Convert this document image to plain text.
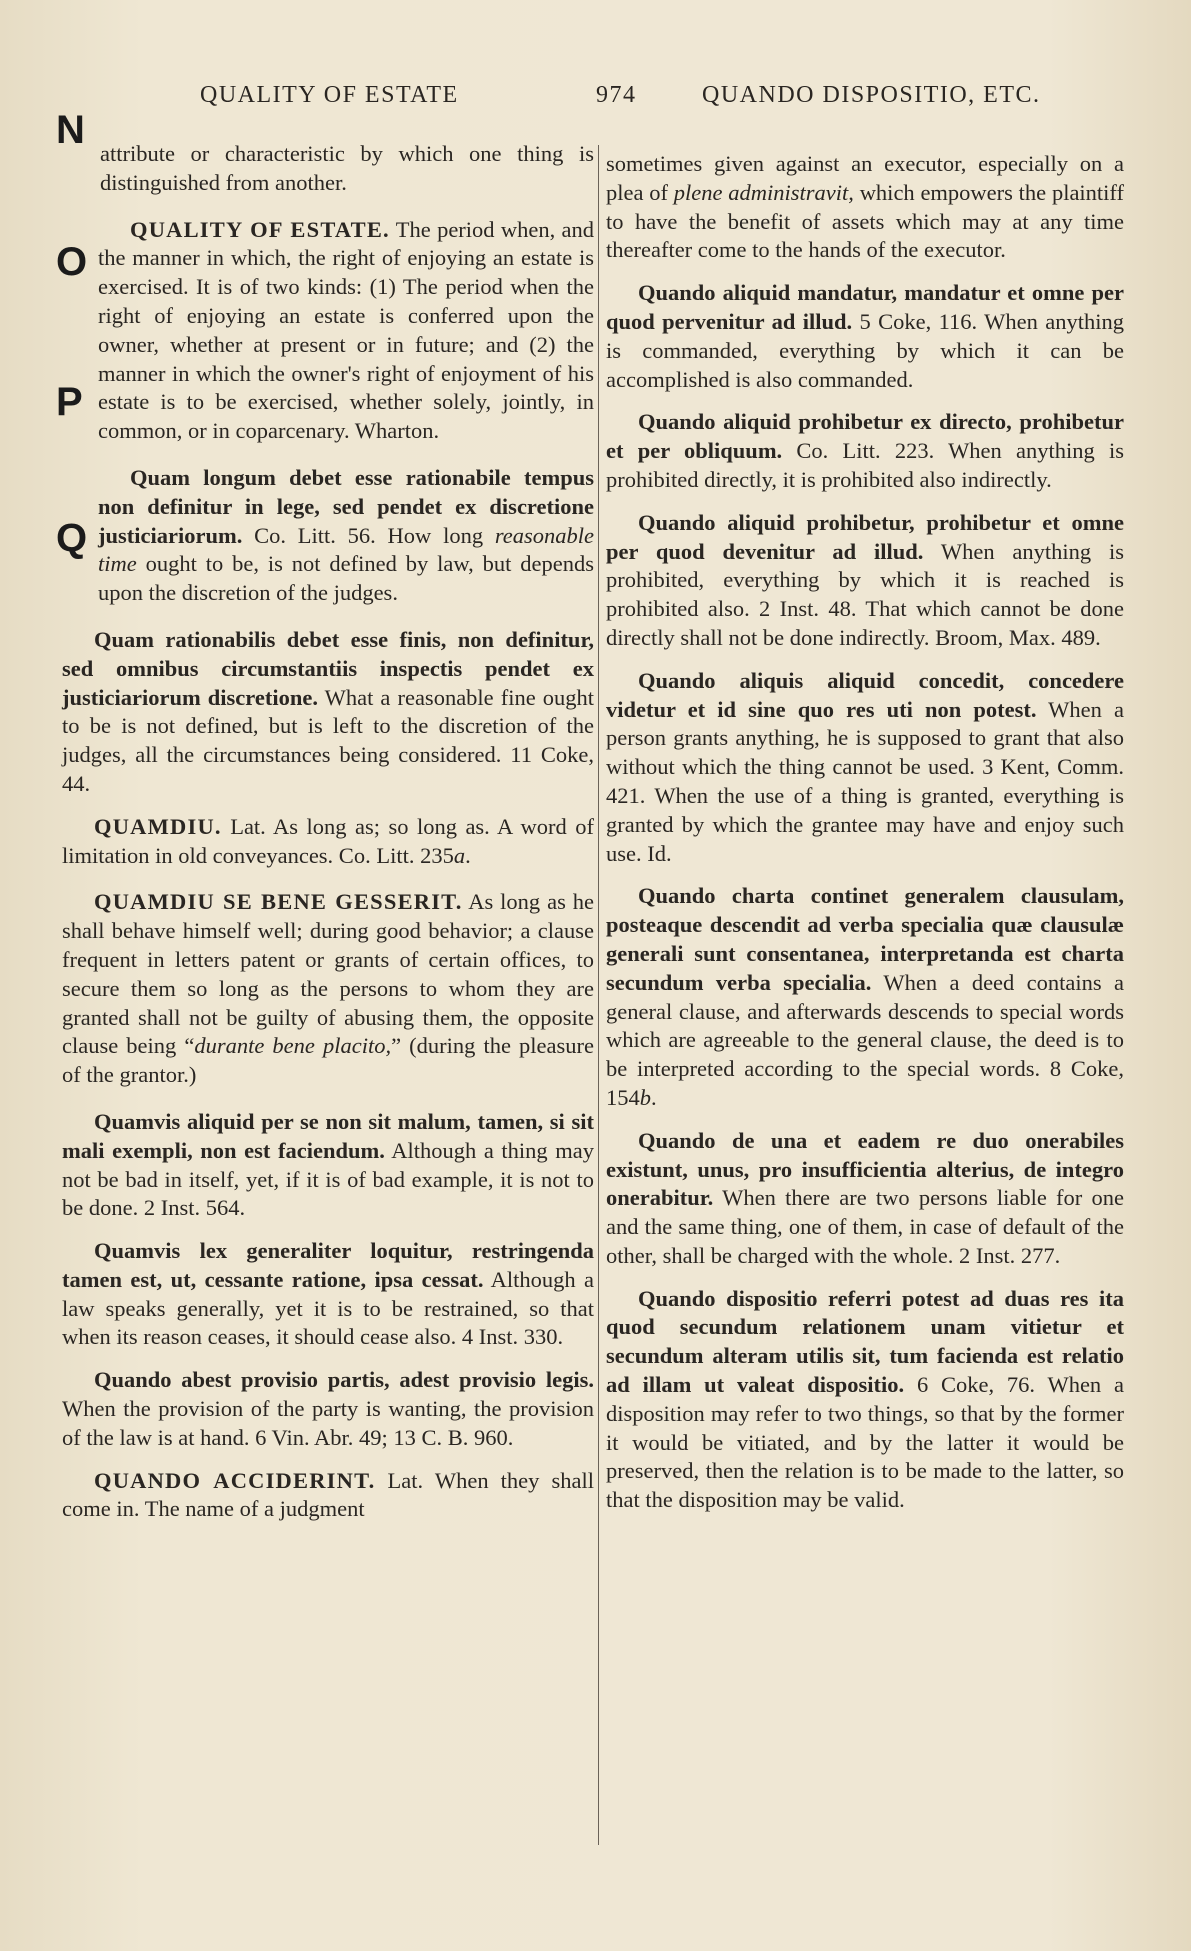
QUALITY OF ESTATE	974	QUANDO DISPOSITIO, ETC.
N
O
P
Q

attribute or characteristic by which one thing is distinguished from another.

QUALITY OF ESTATE. The period when, and the manner in which, the right of enjoying an estate is exercised. It is of two kinds: (1) The period when the right of enjoying an estate is conferred upon the owner, whether at present or in future; and (2) the manner in which the owner's right of enjoyment of his estate is to be exercised, whether solely, jointly, in common, or in coparcenary. Wharton.

Quam longum debet esse rationabile tempus non definitur in lege, sed pendet ex discretione justiciariorum. Co. Litt. 56. How long reasonable time ought to be, is not defined by law, but depends upon the discretion of the judges.

Quam rationabilis debet esse finis, non definitur, sed omnibus circumstantiis inspectis pendet ex justiciariorum discretione. What a reasonable fine ought to be is not defined, but is left to the discretion of the judges, all the circumstances being considered. 11 Coke, 44.

QUAMDIU. Lat. As long as; so long as. A word of limitation in old conveyances. Co. Litt. 235a.

QUAMDIU SE BENE GESSERIT. As long as he shall behave himself well; during good behavior; a clause frequent in letters patent or grants of certain offices, to secure them so long as the persons to whom they are granted shall not be guilty of abusing them, the opposite clause being “durante bene placito,” (during the pleasure of the grantor.)

Quamvis aliquid per se non sit malum, tamen, si sit mali exempli, non est faciendum. Although a thing may not be bad in itself, yet, if it is of bad example, it is not to be done. 2 Inst. 564.

Quamvis lex generaliter loquitur, restringenda tamen est, ut, cessante ratione, ipsa cessat. Although a law speaks generally, yet it is to be restrained, so that when its reason ceases, it should cease also. 4 Inst. 330.

Quando abest provisio partis, adest provisio legis. When the provision of the party is wanting, the provision of the law is at hand. 6 Vin. Abr. 49; 13 C. B. 960.

QUANDO ACCIDERINT. Lat. When they shall come in. The name of a judgment

sometimes given against an executor, especially on a plea of plene administravit, which empowers the plaintiff to have the benefit of assets which may at any time thereafter come to the hands of the executor.

Quando aliquid mandatur, mandatur et omne per quod pervenitur ad illud. 5 Coke, 116. When anything is commanded, everything by which it can be accomplished is also commanded.

Quando aliquid prohibetur ex directo, prohibetur et per obliquum. Co. Litt. 223. When anything is prohibited directly, it is prohibited also indirectly.

Quando aliquid prohibetur, prohibetur et omne per quod devenitur ad illud. When anything is prohibited, everything by which it is reached is prohibited also. 2 Inst. 48. That which cannot be done directly shall not be done indirectly. Broom, Max. 489.

Quando aliquis aliquid concedit, concedere videtur et id sine quo res uti non potest. When a person grants anything, he is supposed to grant that also without which the thing cannot be used. 3 Kent, Comm. 421. When the use of a thing is granted, everything is granted by which the grantee may have and enjoy such use. Id.

Quando charta continet generalem clausulam, posteaque descendit ad verba specialia quæ clausulæ generali sunt consentanea, interpretanda est charta secundum verba specialia. When a deed contains a general clause, and afterwards descends to special words which are agreeable to the general clause, the deed is to be interpreted according to the special words. 8 Coke, 154b.

Quando de una et eadem re duo onerabiles existunt, unus, pro insufficientia alterius, de integro onerabitur. When there are two persons liable for one and the same thing, one of them, in case of default of the other, shall be charged with the whole. 2 Inst. 277.

Quando dispositio referri potest ad duas res ita quod secundum relationem unam vitietur et secundum alteram utilis sit, tum facienda est relatio ad illam ut valeat dispositio. 6 Coke, 76. When a disposition may refer to two things, so that by the former it would be vitiated, and by the latter it would be preserved, then the relation is to be made to the latter, so that the disposition may be valid.
